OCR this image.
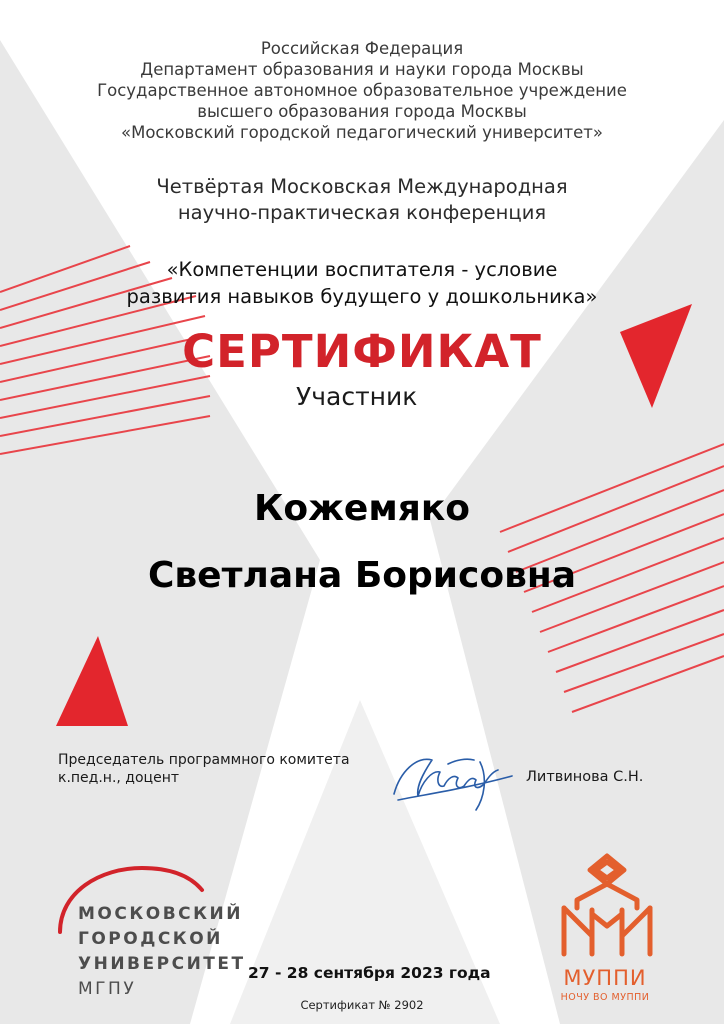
Российская Федерация
Департамент образования и науки города Москвы
Государственное автономное образовательное учреждение
высшего образования города Москвы
«Московский городской педагогический университет»
Четвёртая Московская Международная
научно-практическая конференция
«Компетенции воспитателя - условие
развития навыков будущего у дошкольника»
СЕРТИФИКАТ
Участник
Кожемяко
Светлана Борисовна
Председатель программного комитета
к.пед.н., доцент	Литвинова С.Н.
МОСКОВСКИЙ
ГОРОДСКОЙ
УНИВЕРСИТЕТ
МГПУ
27 - 28 сентября 2023 года
Сертификат № 2902
МУППИ
НОЧУ ВО МУППИ
